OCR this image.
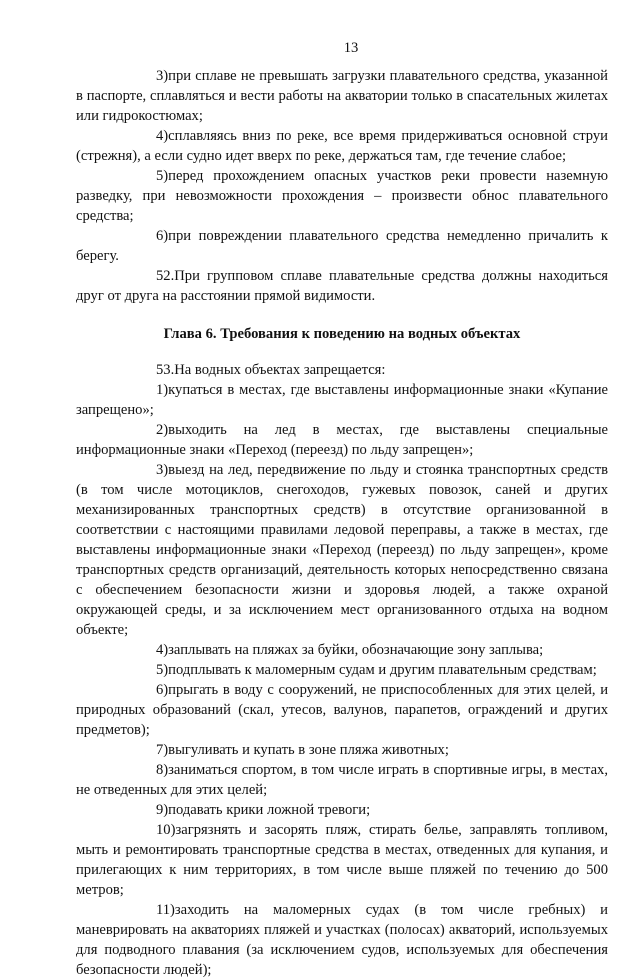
13

3)при сплаве не превышать загрузки плавательного средства, указанной в паспорте, сплавляться и вести работы на акватории только в спасательных жилетах или гидрокостюмах;

4)сплавляясь вниз по реке, все время придерживаться основной струи (стрежня), а если судно идет вверх по реке, держаться там, где течение слабое;

5)перед прохождением опасных участков реки провести наземную разведку, при невозможности прохождения – произвести обнос плавательного средства;

6)при повреждении плавательного средства немедленно причалить к берегу.

52.При групповом сплаве плавательные средства должны находиться друг от друга на расстоянии прямой видимости.

Глава 6. Требования к поведению на водных объектах

53.На водных объектах запрещается:

1)купаться в местах, где выставлены информационные знаки «Купание запрещено»;

2)выходить на лед в местах, где выставлены специальные информационные знаки «Переход (переезд) по льду запрещен»;

3)выезд на лед, передвижение по льду и стоянка транспортных средств (в том числе мотоциклов, снегоходов, гужевых повозок, саней и других механизированных транспортных средств) в отсутствие организованной в соответствии с настоящими правилами ледовой переправы, а также в местах, где выставлены информационные знаки «Переход (переезд) по льду запрещен», кроме транспортных средств организаций, деятельность которых непосредственно связана с обеспечением безопасности жизни и здоровья людей, а также охраной окружающей среды, и за исключением мест организованного отдыха на водном объекте;

4)заплывать на пляжах за буйки, обозначающие зону заплыва;

5)подплывать к маломерным судам и другим плавательным средствам;

6)прыгать в воду с сооружений, не приспособленных для этих целей, и природных образований (скал, утесов, валунов, парапетов, ограждений и других предметов);

7)выгуливать и купать в зоне пляжа животных;

8)заниматься спортом, в том числе играть в спортивные игры, в местах, не отведенных для этих целей;

9)подавать крики ложной тревоги;

10)загрязнять и засорять пляж, стирать белье, заправлять топливом, мыть и ремонтировать транспортные средства в местах, отведенных для купания, и прилегающих к ним территориях, в том числе выше пляжей по течению до 500 метров;

11)заходить на маломерных судах (в том числе гребных) и маневрировать на акваториях пляжей и участках (полосах) акваторий, используемых для подводного плавания (за исключением судов, используемых для обеспечения безопасности людей);
